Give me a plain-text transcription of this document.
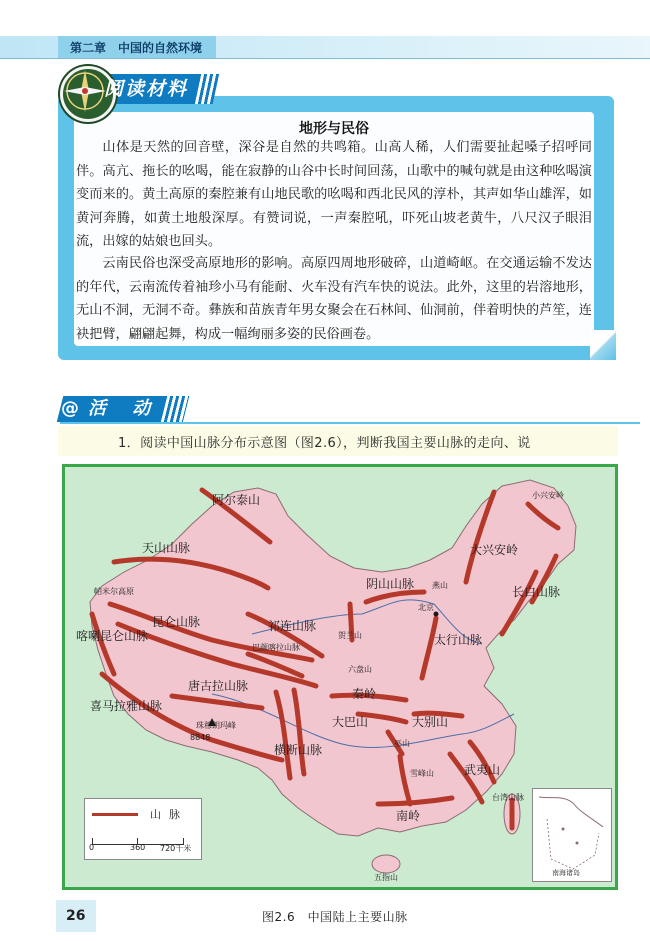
第二章 中国的自然环境
阅读材料
地形与民俗

山体是天然的回音壁，深谷是自然的共鸣箱。山高人稀，人们需要扯起嗓子招呼同伴。高亢、拖长的吆喝，能在寂静的山谷中长时间回荡，山歌中的喊句就是由这种吆喝演变而来的。黄土高原的秦腔兼有山地民歌的吆喝和西北民风的淳朴，其声如华山雄浑，如黄河奔腾，如黄土地般深厚。有赞词说，一声秦腔吼，吓死山坡老黄牛，八尺汉子眼泪流，出嫁的姑娘也回头。

云南民俗也深受高原地形的影响。高原四周地形破碎，山道崎岖。在交通运输不发达的年代，云南流传着袖珍小马有能耐、火车没有汽车快的说法。此外，这里的岩溶地形，无山不洞，无洞不奇。彝族和苗族青年男女聚会在石林间、仙洞前，伴着明快的芦笙，连袂把臂，翩翩起舞，构成一幅绚丽多姿的民俗画卷。

@ 活 动
1．阅读中国山脉分布示意图（图2.6），判断我国主要山脉的走向、说
8848
珠穆朗玛峰
阿尔泰山
天山山脉
帕米尔高原
昆仑山脉
喀喇昆仑山脉
喜马拉雅山脉
唐古拉山脉
巴颜喀拉山脉
祁连山脉
贺兰山
阴山山脉 燕山
北京
太行山脉
六盘山
秦岭
大巴山	大别山
巫山
横断山脉
雪峰山
南岭
武夷山
台湾山脉
大兴安岭
小兴安岭
长白山脉
五指山
山脉
0	360 720千米
南海诸岛
26	图2.6　中国陆上主要山脉
